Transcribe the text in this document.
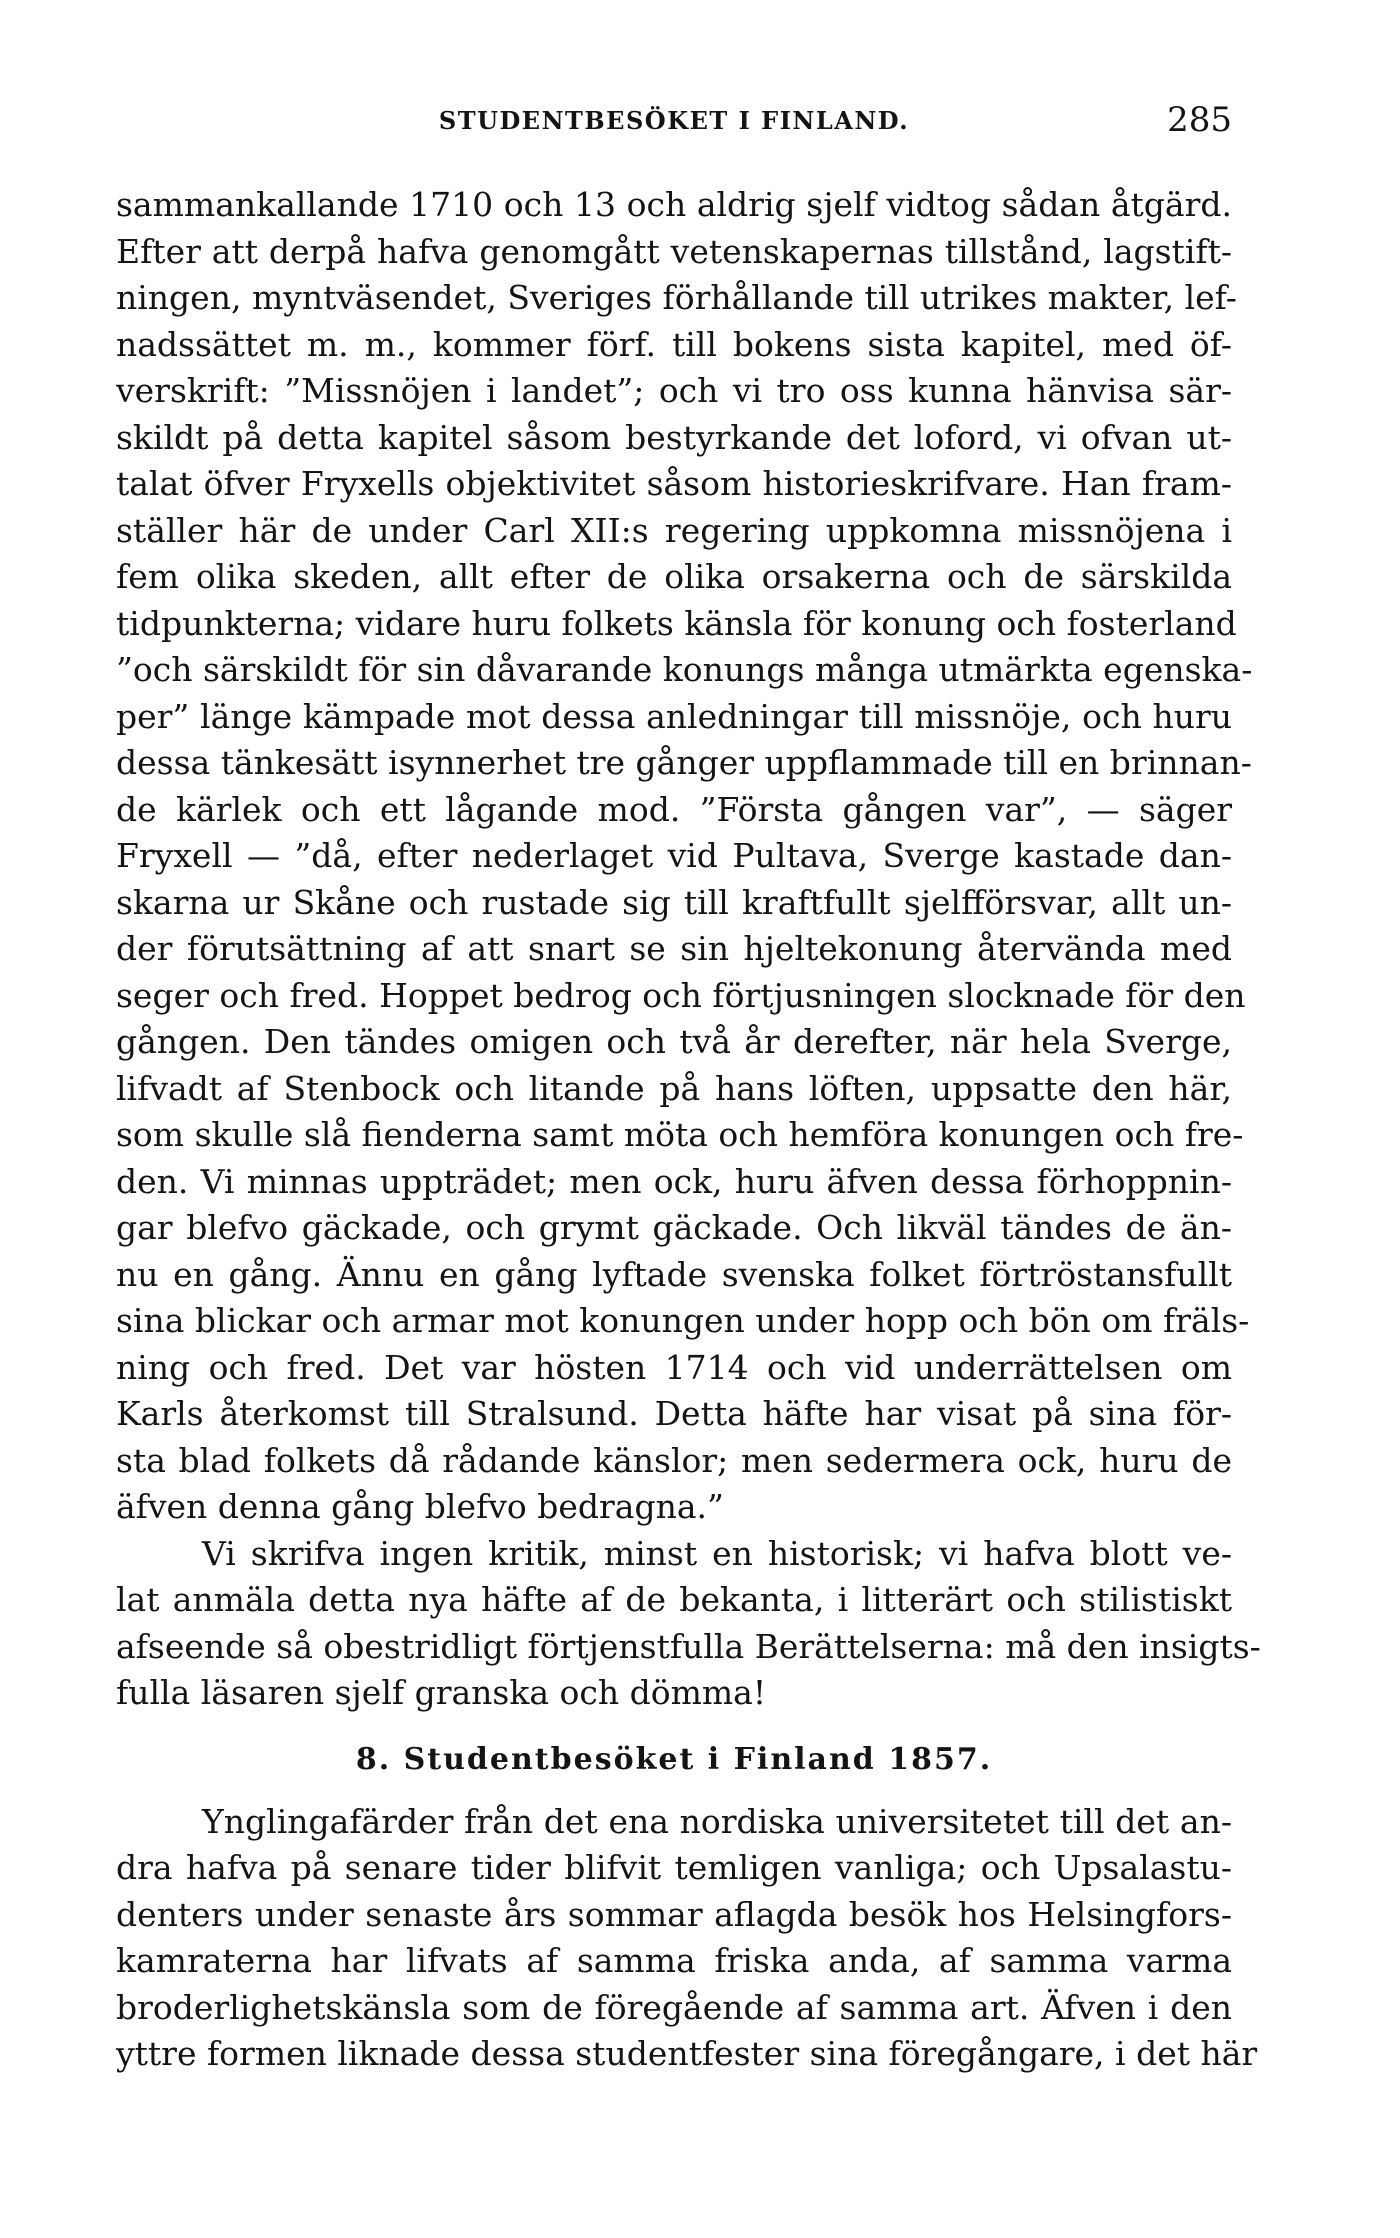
STUDENTBESÖKET I FINLAND.	285
sammankallande 1710 och 13 och aldrig sjelf vidtog sådan åtgärd.
Efter att derpå hafva genomgått vetenskapernas tillstånd, lagstift-
ningen, myntväsendet, Sveriges förhållande till utrikes makter, lef-
nadssättet m. m., kommer förf. till bokens sista kapitel, med öf-
verskrift: ”Missnöjen i landet”; och vi tro oss kunna hänvisa sär-
skildt på detta kapitel såsom bestyrkande det loford, vi ofvan ut-
talat öfver Fryxells objektivitet såsom historieskrifvare. Han fram-
ställer här de under Carl XII:s regering uppkomna missnöjena i
fem olika skeden, allt efter de olika orsakerna och de särskilda
tidpunkterna; vidare huru folkets känsla för konung och fosterland
”och särskildt för sin dåvarande konungs många utmärkta egenska-
per” länge kämpade mot dessa anledningar till missnöje, och huru
dessa tänkesätt isynnerhet tre gånger uppflammade till en brinnan-
de kärlek och ett lågande mod. ”Första gången var”, — säger
Fryxell — ”då, efter nederlaget vid Pultava, Sverge kastade dan-
skarna ur Skåne och rustade sig till kraftfullt sjelfförsvar, allt un-
der förutsättning af att snart se sin hjeltekonung återvända med
seger och fred. Hoppet bedrog och förtjusningen slocknade för den
gången. Den tändes omigen och två år derefter, när hela Sverge,
lifvadt af Stenbock och litande på hans löften, uppsatte den här,
som skulle slå fienderna samt möta och hemföra konungen och fre-
den. Vi minnas uppträdet; men ock, huru äfven dessa förhoppnin-
gar blefvo gäckade, och grymt gäckade. Och likväl tändes de än-
nu en gång. Ännu en gång lyftade svenska folket förtröstansfullt
sina blickar och armar mot konungen under hopp och bön om fräls-
ning och fred. Det var hösten 1714 och vid underrättelsen om
Karls återkomst till Stralsund. Detta häfte har visat på sina för-
sta blad folkets då rådande känslor; men sedermera ock, huru de
äfven denna gång blefvo bedragna.”
Vi skrifva ingen kritik, minst en historisk; vi hafva blott ve-
lat anmäla detta nya häfte af de bekanta, i litterärt och stilistiskt
afseende så obestridligt förtjenstfulla Berättelserna: må den insigts-
fulla läsaren sjelf granska och dömma!
8. Studentbesöket i Finland 1857.
Ynglingafärder från det ena nordiska universitetet till det an-
dra hafva på senare tider blifvit temligen vanliga; och Upsalastu-
denters under senaste års sommar aflagda besök hos Helsingfors-
kamraterna har lifvats af samma friska anda, af samma varma
broderlighetskänsla som de föregående af samma art. Äfven i den
yttre formen liknade dessa studentfester sina föregångare, i det här
